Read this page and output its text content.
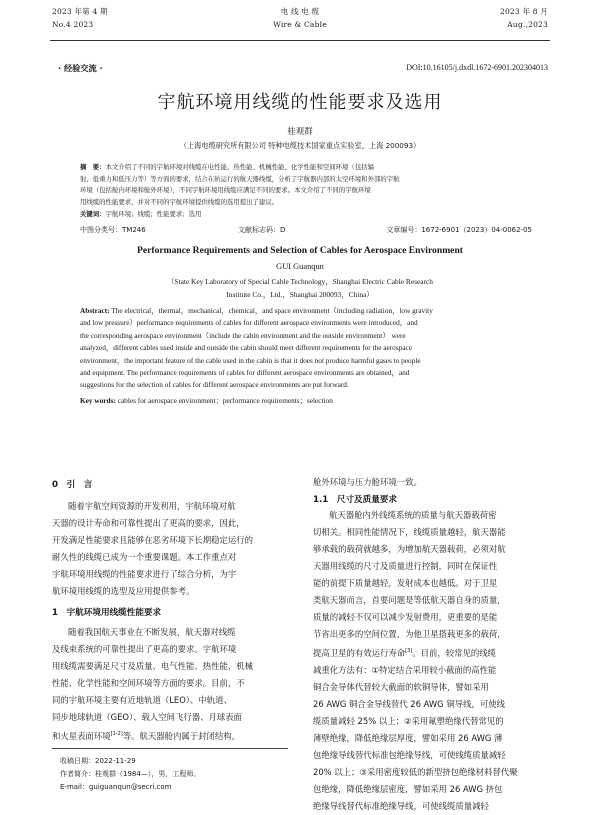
2023 年第 4 期
No.4 2023
电 线 电 缆
Wire & Cable
2023 年 8 月
Aug.,2023
· 经验交流 ·	DOI:10.16105/j.dxdl.1672-6901.202304013
宇航环境用线缆的性能要求及选用
桂观群
（上海电缆研究所有限公司 特种电缆技术国家重点实验室，上海 200093）
摘　要：本文介绍了不同的宇航环境对线缆在电性能、热性能、机械性能、化学性能和空间环境（包括辐
射、低重力和低压力等）等方面的要求，结合在轨运行的航天器线缆，分析了宇航器内部的太空环境和外部的宇航
环境（包括舱内环境和舱外环境），不同宇航环境用线缆应满足不同的要求。本文介绍了不同的宇航环境
用线缆的性能要求，并对不同的宇航环境提供线缆的选用提出了建议。
关键词：宇航环境；线缆；性能要求；选用
中图分类号：TM246	文献标志码：D	文章编号：1672-6901（2023）04-0062-05
Performance Requirements and Selection of Cables for Aerospace Environment
GUI Guanqun
（State Key Laboratory of Special Cable Technology，Shanghai Electric Cable Research
Institute Co.，Ltd.，Shanghai 200093，China）
Abstract: The electrical，thermal，mechanical，chemical，and space environment（including radiation，low gravity
and low pressure）performance requirements of cables for different aerospace environments were introduced，and
the corresponding aerospace environment（include the cabin environment and the outside environment） were
analyzed，different cables used inside and outside the cabin should meet different requirements for the aerospace
environment，the important feature of the cable used in the cabin is that it does not produce harmful gases to people
and equipment. The performance requirements of cables for different aerospace environments are obtained，and
suggestions for the selection of cables for different aerospace environments are put forward.
Key words: cables for aerospace environment；performance requirements；selection
0　引　言
随着宇航空间资源的开发利用，宇航环境对航
天器的设计寿命和可靠性提出了更高的要求，因此，
开发满足性能要求且能够在恶劣环境下长期稳定运行的
耐久性的线缆已成为一个重要课题。本工作重点对
宇航环境用线缆的性能要求进行了综合分析，为宇
航环境用线缆的选型及应用提供参考。
1　宇航环境用线缆性能要求
随着我国航天事业在不断发展，航天器对线缆
及线束系统的可靠性提出了更高的要求。宇航环境
用线缆需要满足尺寸及质量、电气性能、热性能、机械
性能、化学性能和空间环境等方面的要求。目前，不
同的宇航环境主要有近地轨道（LEO）、中轨道、
同步地球轨道（GEO）、载人空间飞行器、月球表面
和火星表面环境[1-2]等。航天器舱内属于封闭结构，
收稿日期：2022-11-29
作者简介：桂观群（1984—），男，工程师。
E-mail：guiguanqun@secri.com
舱外环境与压力舱环境一致。
1.1　尺寸及质量要求
航天器舱内外线缆系统的质量与航天器载荷密
切相关。相同性能情况下，线缆质量越轻，航天器能
够承载的载荷就越多，为增加航天器载荷，必须对航
天器用线缆的尺寸及质量进行控制，同时在保证性
能的前提下质量越轻，发射成本也越低。对于卫星
类航天器而言，首要问题是等低航天器自身的质量，
质量的减轻不仅可以减少发射费用，更重要的是能
节省出更多的空间位置，为他卫星搭载更多的载荷，
提高卫星的有效运行寿命[3]。目前，较常见的线缆
减重化方法有：①特定结合采用较小截面的高性能
铜合金导体代替较大截面的软铜导体，譬如采用
26 AWG 铜合金导线替代 26 AWG 铜导线，可使线
缆质量减轻 25% 以上；②采用氟塑绝缘代替常见的
薄壁绝缘，降低绝缘层厚度，譬如采用 26 AWG 薄
包绝缘导线替代标准包绝缘导线，可使线缆质量减轻
20% 以上；③采用密度较低的新型挤包绝缘材料替代聚
包绝缘，降低绝缘层密度，譬如采用 26 AWG 挤包
绝缘导线替代标准绝缘导线，可使线缆质量减轻
